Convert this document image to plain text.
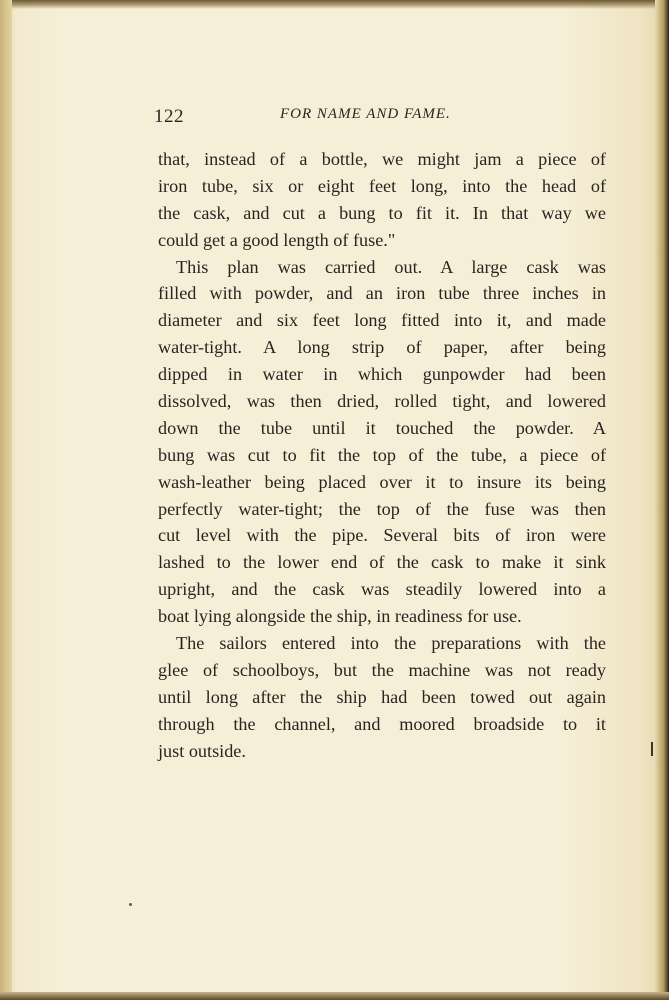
122	FOR NAME AND FAME.
that, instead of a bottle, we might jam a piece of
iron tube, six or eight feet long, into the head of
the cask, and cut a bung to fit it. In that way we
could get a good length of fuse."
This plan was carried out. A large cask was
filled with powder, and an iron tube three inches in
diameter and six feet long fitted into it, and made
water-tight. A long strip of paper, after being
dipped in water in which gunpowder had been
dissolved, was then dried, rolled tight, and lowered
down the tube until it touched the powder. A
bung was cut to fit the top of the tube, a piece of
wash-leather being placed over it to insure its being
perfectly water-tight; the top of the fuse was then
cut level with the pipe. Several bits of iron were
lashed to the lower end of the cask to make it sink
upright, and the cask was steadily lowered into a
boat lying alongside the ship, in readiness for use.
The sailors entered into the preparations with the
glee of schoolboys, but the machine was not ready
until long after the ship had been towed out again
through the channel, and moored broadside to it
just outside.
